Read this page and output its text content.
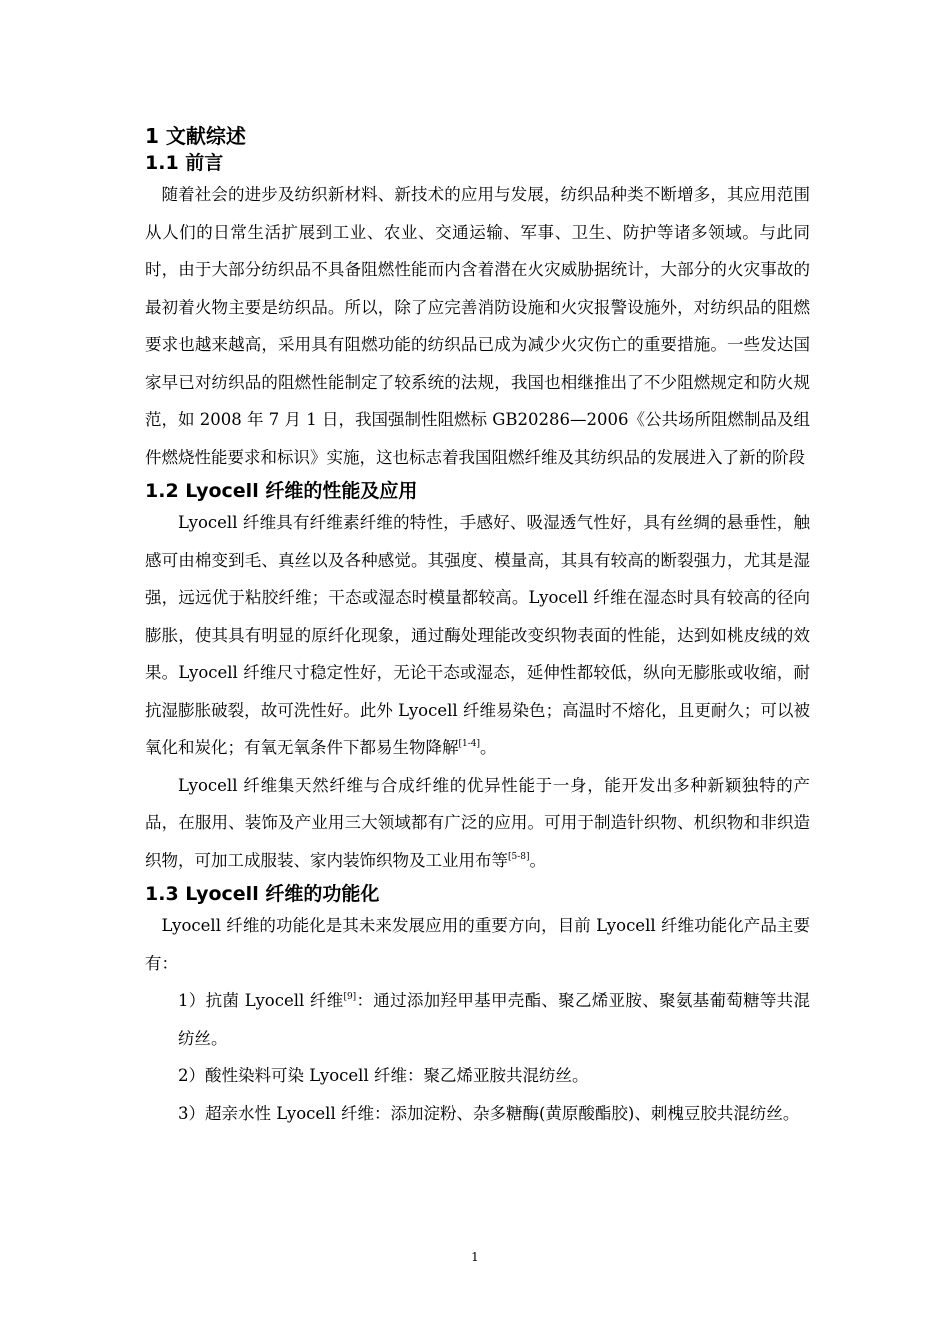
1 文献综述
1.1 前言

随着社会的进步及纺织新材料、新技术的应用与发展，纺织品种类不断增多，其应用范围从人们的日常生活扩展到工业、农业、交通运输、军事、卫生、防护等诸多领域。与此同时，由于大部分纺织品不具备阻燃性能而内含着潜在火灾威胁据统计，大部分的火灾事故的最初着火物主要是纺织品。所以，除了应完善消防设施和火灾报警设施外，对纺织品的阻燃要求也越来越高，采用具有阻燃功能的纺织品已成为减少火灾伤亡的重要措施。一些发达国家早已对纺织品的阻燃性能制定了较系统的法规，我国也相继推出了不少阻燃规定和防火规范，如 2008 年 7 月 1 日，我国强制性阻燃标 GB20286—2006《公共场所阻燃制品及组件燃烧性能要求和标识》实施，这也标志着我国阻燃纤维及其纺织品的发展进入了新的阶段

1.2 Lyocell 纤维的性能及应用

Lyocell 纤维具有纤维素纤维的特性，手感好、吸湿透气性好，具有丝绸的悬垂性，触感可由棉变到毛、真丝以及各种感觉。其强度、模量高，其具有较高的断裂强力，尤其是湿强，远远优于粘胶纤维；干态或湿态时模量都较高。Lyocell 纤维在湿态时具有较高的径向膨胀，使其具有明显的原纤化现象，通过酶处理能改变织物表面的性能，达到如桃皮绒的效果。Lyocell 纤维尺寸稳定性好，无论干态或湿态，延伸性都较低，纵向无膨胀或收缩，耐抗湿膨胀破裂，故可洗性好。此外 Lyocell 纤维易染色；高温时不熔化，且更耐久；可以被氧化和炭化；有氧无氧条件下都易生物降解[1-4]。

Lyocell 纤维集天然纤维与合成纤维的优异性能于一身，能开发出多种新颖独特的产品，在服用、装饰及产业用三大领域都有广泛的应用。可用于制造针织物、机织物和非织造织物，可加工成服装、家内装饰织物及工业用布等[5-8]。

1.3 Lyocell 纤维的功能化

Lyocell 纤维的功能化是其未来发展应用的重要方向，目前 Lyocell 纤维功能化产品主要有：

1）抗菌 Lyocell 纤维[9]：通过添加羟甲基甲壳酯、聚乙烯亚胺、聚氨基葡萄糖等共混纺丝。

2）酸性染料可染 Lyocell 纤维：聚乙烯亚胺共混纺丝。

3）超亲水性 Lyocell 纤维：添加淀粉、杂多糖酶(黄原酸酯胶)、刺槐豆胶共混纺丝。

1
